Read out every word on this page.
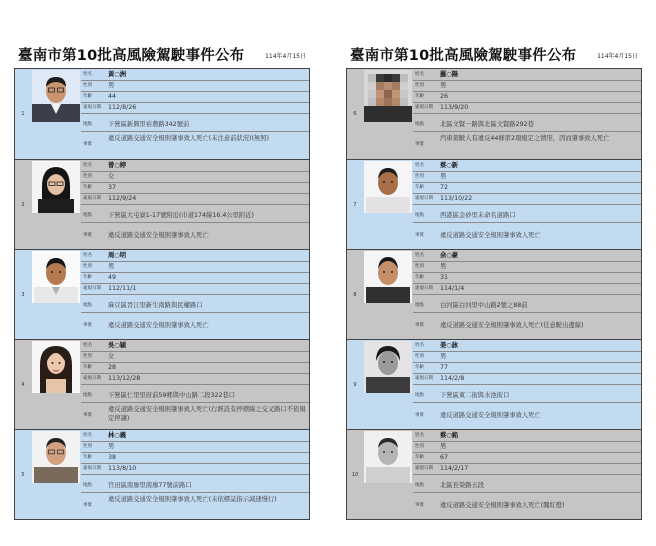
臺南市第10批高風險駕駛事件公布	114年4月15日
1
姓名	黃○洲
性別	男
年齡	44
違規日期	112/8/26
地點	下營區新興里裕農路342號前
事實
違反道路交通安全規則肇事致人死亡(未注意前狀況)(無照)
2
姓名	曾○婷
性別	女
年齡	37
違規日期	112/9/24
地點	下營區大屯寮1-17號附近(市道174線16.4公里附近)
事實	違反道路交通安全規則肇事致人死亡
3
姓名	周○明
性別	男
年齡	49
違規日期	112/11/1
地點	麻豆區晉江里新生南路與民權路口
事實	違反道路交通安全規則肇事致人死亡
4
姓名	吳○穎
性別	女
年齡	28
違規日期	113/12/28
地點	下營區仁里里府前59鄉與中山路二段322巷口
事實
違反道路交通安全規則肇事致人死亡(行經設有停標線之交叉路口不依規定停讓)
5
姓名	林○義
性別	男
年齡	38
違規日期	113/8/10
地點	官田區南廍里南廍77號前路口
事實
違反道路交通安全規則肇事致人死亡(未依標誌指示減速慢行)
臺南市第10批高風險駕駛事件公布	114年4月15日
6
姓名	羅○陽
性別	男
年齡	26
違規日期	113/9/20
地點	北區文賢一路與北區文賢路292巷
事實
汽車駕駛人有違反44條第2項規定之情形，因而肇事致人死亡
7
姓名	蔡○新
性別	男
年齡	72
違規日期	113/10/22
地點	西港區金砂里未命名道路口
事實	違反道路交通安全規則肇事致人死亡
8
姓名	余○豪
性別	男
年齡	31
違規日期	114/1/4
地點	白河區白河里中山路2號之88前
事實	違反道路交通安全規則肇事致人死亡(任意駛出邊線)
9
姓名	姜○詠
性別	男
年齡	77
違規日期	114/2/8
地點	下營區東二街與水池街口
事實	違反道路交通安全規則肇事致人死亡
10
姓名	蔡○銘
性別	男
年齡	67
違規日期	114/2/17
地點	北區長榮路五段
事實	違反道路交通安全規則肇事致人死亡(闖紅燈)
